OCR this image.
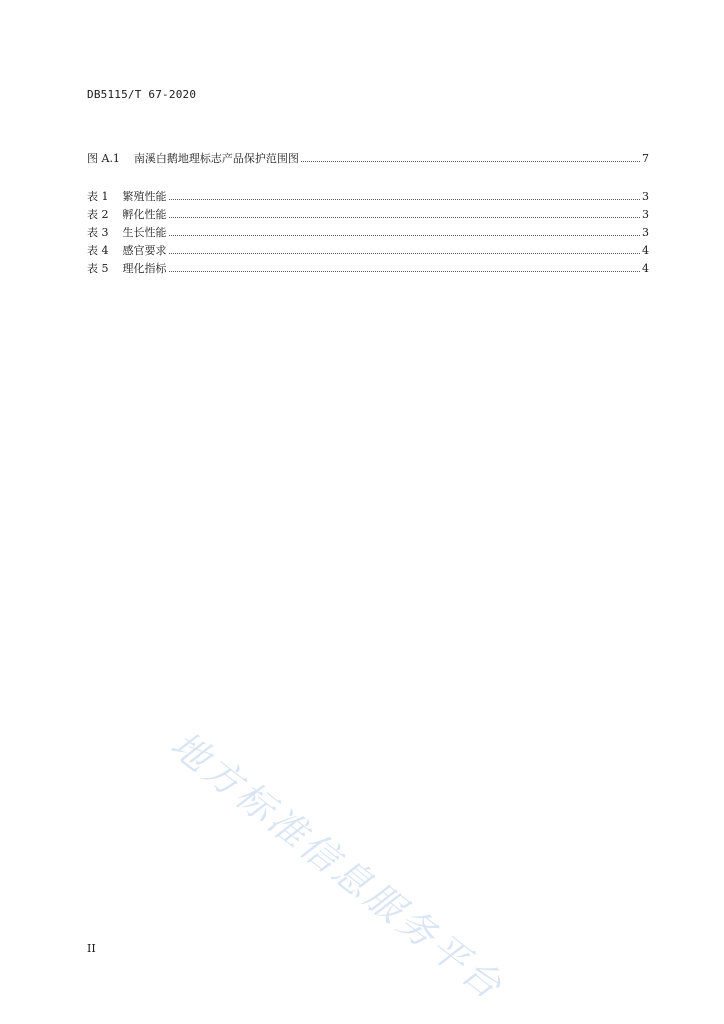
DB5115/T 67-2020
图 A.1 南溪白鹅地理标志产品保护范围图	7
表 1 繁殖性能	3
表 2 孵化性能	3
表 3 生长性能	3
表 4 感官要求	4
表 5 理化指标	4
地方标准信息服务平台
II
